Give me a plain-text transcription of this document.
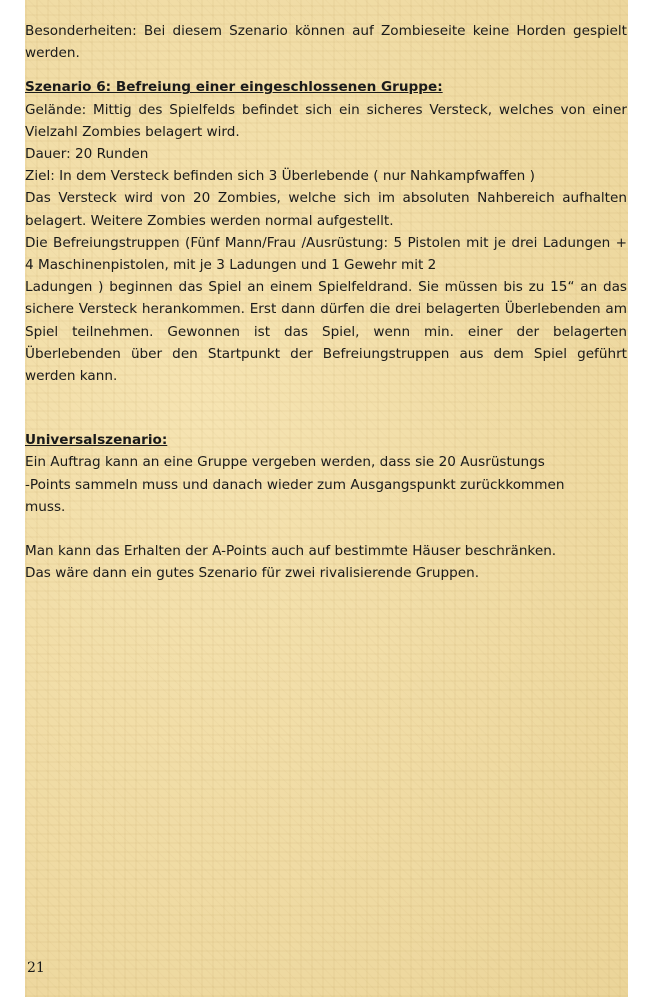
Besonderheiten: Bei diesem Szenario können auf Zombieseite keine Horden gespielt werden.

Szenario 6: Befreiung einer eingeschlossenen Gruppe:

Gelände: Mittig des Spielfelds befindet sich ein sicheres Versteck, welches von einer Vielzahl Zombies belagert wird.

Dauer: 20 Runden

Ziel: In dem Versteck befinden sich 3 Überlebende ( nur Nahkampfwaffen )

Das Versteck wird von 20 Zombies, welche sich im absoluten Nahbereich aufhalten belagert. Weitere Zombies werden normal aufgestellt.

Die Befreiungstruppen (Fünf Mann/Frau /Ausrüstung: 5 Pistolen mit je drei Ladungen + 4 Maschinenpistolen, mit je 3 Ladungen und 1 Gewehr mit 2

Ladungen ) beginnen das Spiel an einem Spielfeldrand. Sie müssen bis zu 15“ an das sichere Versteck herankommen. Erst dann dürfen die drei belagerten Überlebenden am Spiel teilnehmen. Gewonnen ist das Spiel, wenn min. einer der belagerten Überlebenden über den Startpunkt der Befreiungstruppen aus dem Spiel geführt werden kann.

Universalszenario:

Ein Auftrag kann an eine Gruppe vergeben werden, dass sie 20 Ausrüstungs

-Points sammeln muss und danach wieder zum Ausgangspunkt zurückkommen

muss.

Man kann das Erhalten der A-Points auch auf bestimmte Häuser beschränken.

Das wäre dann ein gutes Szenario für zwei rivalisierende Gruppen.

21
